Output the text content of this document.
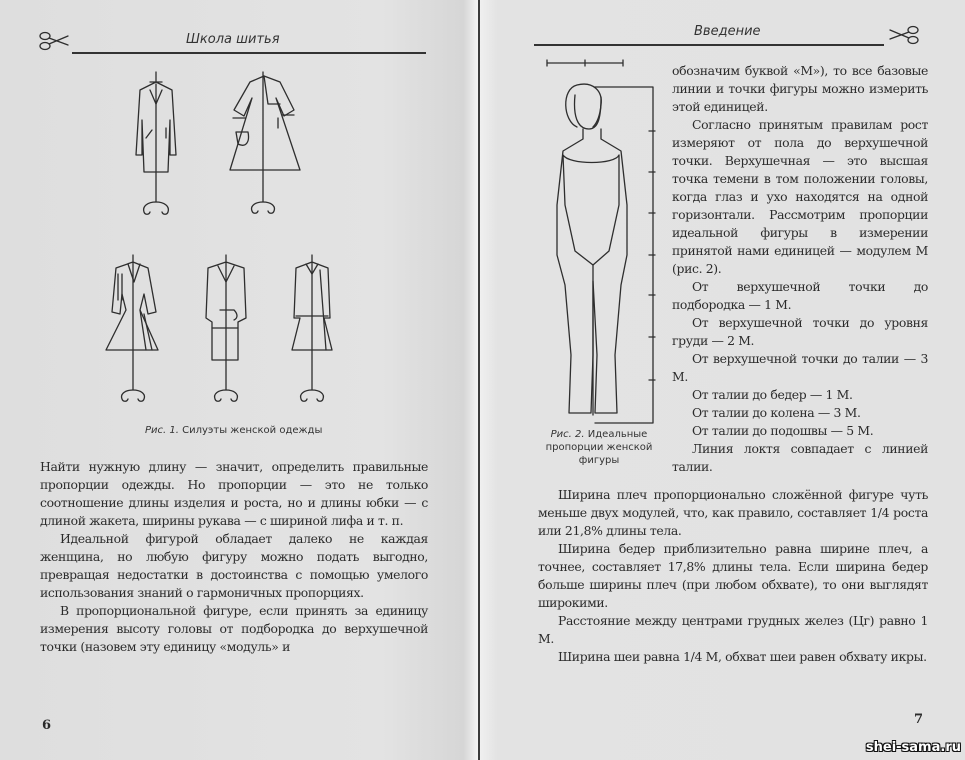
Школа шитья
Рис. 1. Силуэты женской одежды

Найти нужную длину — значит, определить правильные пропорции одежды. Но пропорции — это не только соотношение длины изделия и роста, но и длины юбки — с длиной жакета, ширины рукава — с шириной лифа и т. п.

Идеальной фигурой обладает далеко не каждая женщина, но любую фигуру можно подать выгодно, превращая недостатки в достоинства с помощью умелого использования знаний о гармоничных пропорциях.

В пропорциональной фигуре, если принять за единицу измерения высоту головы от подбородка до верхушечной точки (назовем эту единицу «модуль» и

6
Введение
Рис. 2. Идеальные пропорции женской фигуры

обозначим буквой «М»), то все базовые линии и точки фигуры можно измерить этой единицей.

Согласно принятым правилам рост измеряют от пола до верхушечной точки. Верхушечная — это высшая точка темени в том положении головы, когда глаз и ухо находятся на одной горизонтали. Рассмотрим пропорции идеальной фигуры в измерении принятой нами единицей — модулем М (рис. 2).

От верхушечной точки до подбородка — 1 М.

От верхушечной точки до уровня груди — 2 М.

От верхушечной точки до талии — 3 М.

От талии до бедер — 1 М.

От талии до колена — 3 М.

От талии до подошвы — 5 М.

Линия локтя совпадает с линией талии.

Ширина плеч пропорционально сложённой фигуре чуть меньше двух модулей, что, как правило, составляет 1/4 роста или 21,8% длины тела.

Ширина бедер приблизительно равна ширине плеч, а точнее, составляет 17,8% длины тела. Если ширина бедер больше ширины плеч (при любом обхвате), то они выглядят широкими.

Расстояние между центрами грудных желез (Цг) равно 1 М.

Ширина шеи равна 1/4 М, обхват шеи равен обхвату икры.

7
shei-sama.ru
